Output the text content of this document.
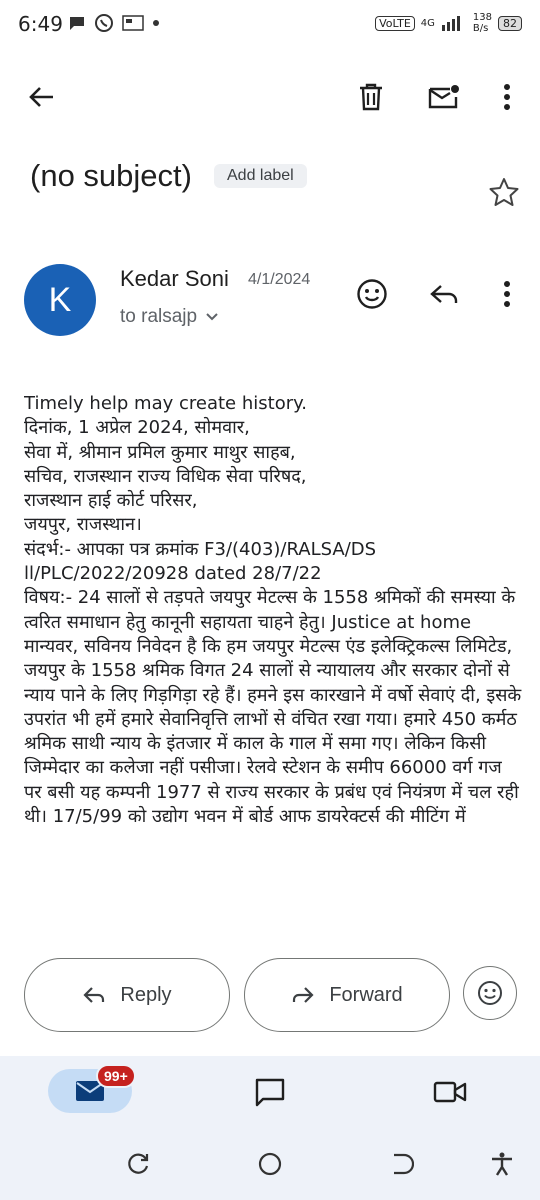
6:49	VoLTE	4G	138
B/s	82
(no subject)	Add label
K
Kedar Soni 4/1/2024
to ralsajp

Timely help may create history.

दिनांक, 1 अप्रेल 2024, सोमवार,

सेवा में, श्रीमान प्रमिल कुमार माथुर साहब,

सचिव, राजस्थान राज्य विधिक सेवा परिषद,

राजस्थान हाई कोर्ट परिसर,

जयपुर, राजस्थान।

संदर्भ:- आपका पत्र क्रमांक F3/(403)/RALSA/DS ll/PLC/2022/20928 dated 28/7/22

विषय:- 24 सालों से तड़पते जयपुर मेटल्स के 1558 श्रमिकों की समस्या के त्वरित समाधान हेतु कानूनी सहायता चाहने हेतु। Justice at home

मान्यवर, सविनय निवेदन है कि हम जयपुर मेटल्स एंड इलेक्ट्रिकल्स लिमिटेड, जयपुर के 1558 श्रमिक विगत 24 सालों से न्यायालय और सरकार दोनों से न्याय पाने के लिए गिड़गिड़ा रहे हैं। हमने इस कारखाने में वर्षो सेवाएं दी, इसके उपरांत भी हमें हमारे सेवानिवृत्ति लाभों से वंचित रखा गया। हमारे 450 कर्मठ श्रमिक साथी न्याय के इंतजार में काल के गाल में समा गए। लेकिन किसी जिम्मेदार का कलेजा नहीं पसीजा। रेलवे स्टेशन के समीप 66000 वर्ग गज पर बसी यह कम्पनी 1977 से राज्य सरकार के प्रबंध एवं नियंत्रण में चल रही थी। 17/5/99 को उद्योग भवन में बोर्ड आफ डायरेक्टर्स की मीटिंग में

Reply	Forward
99+
